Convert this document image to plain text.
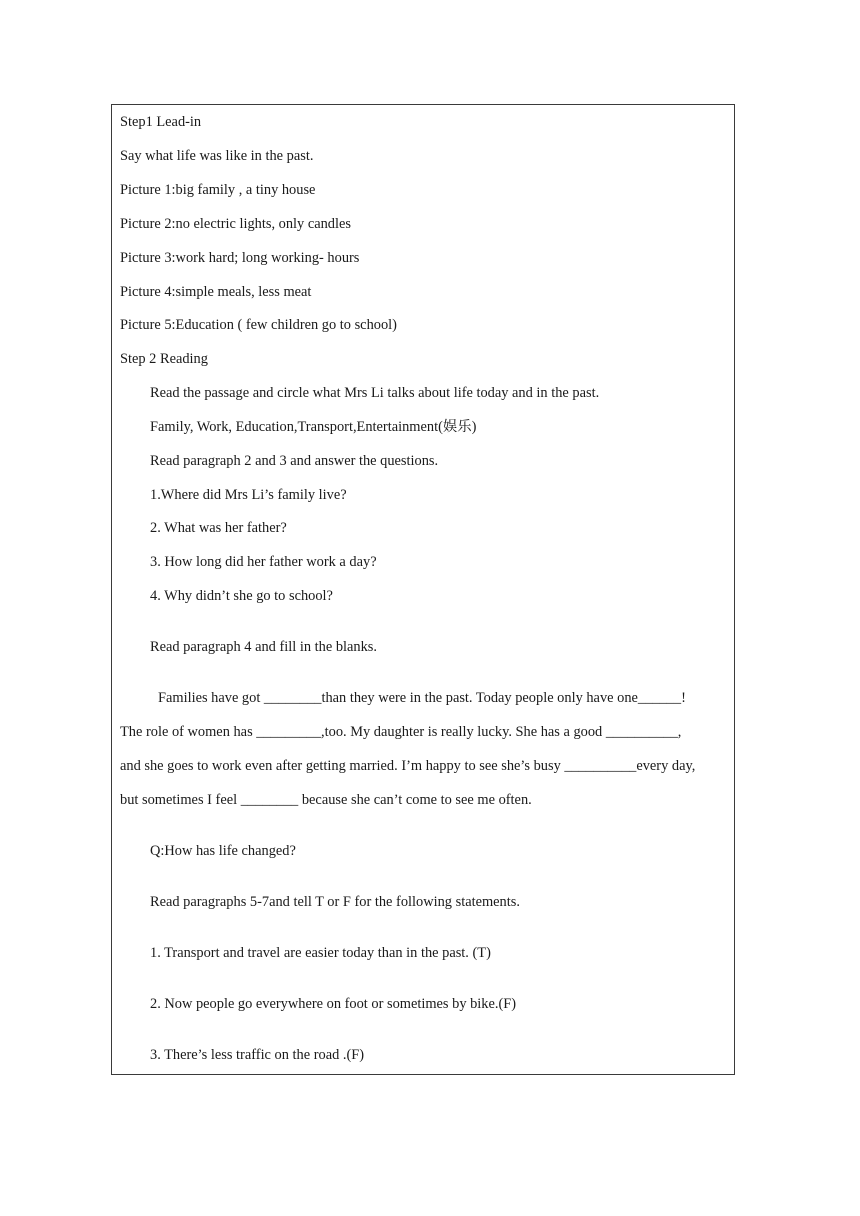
Step1 Lead-in

Say what life was like in the past.

Picture 1:big family , a tiny house

Picture 2:no electric lights, only candles

Picture 3:work hard; long working- hours

Picture 4:simple meals, less meat

Picture 5:Education ( few children go to school)

Step 2 Reading

Read the passage and circle what Mrs Li talks about life today and in the past.

Family, Work, Education,Transport,Entertainment(娱乐)

Read paragraph 2 and 3 and answer the questions.

1.Where did Mrs Li’s family live?

2. What was her father?

3. How long did her father work a day?

4. Why didn’t she go to school?

Read paragraph 4 and fill in the blanks.

Families have got ________than they were in the past. Today people only have one______!

The role of women has _________,too. My daughter is really lucky. She has a good __________,

and she goes to work even after getting married. I’m happy to see she’s busy __________every day,

but sometimes I feel ________ because she can’t come to see me often.

Q:How has life changed?

Read paragraphs 5-7and tell T or F for the following statements.

1. Transport and travel are easier today than in the past. (T)

2. Now people go everywhere on foot or sometimes by bike.(F)

3. There’s less traffic on the road .(F)
